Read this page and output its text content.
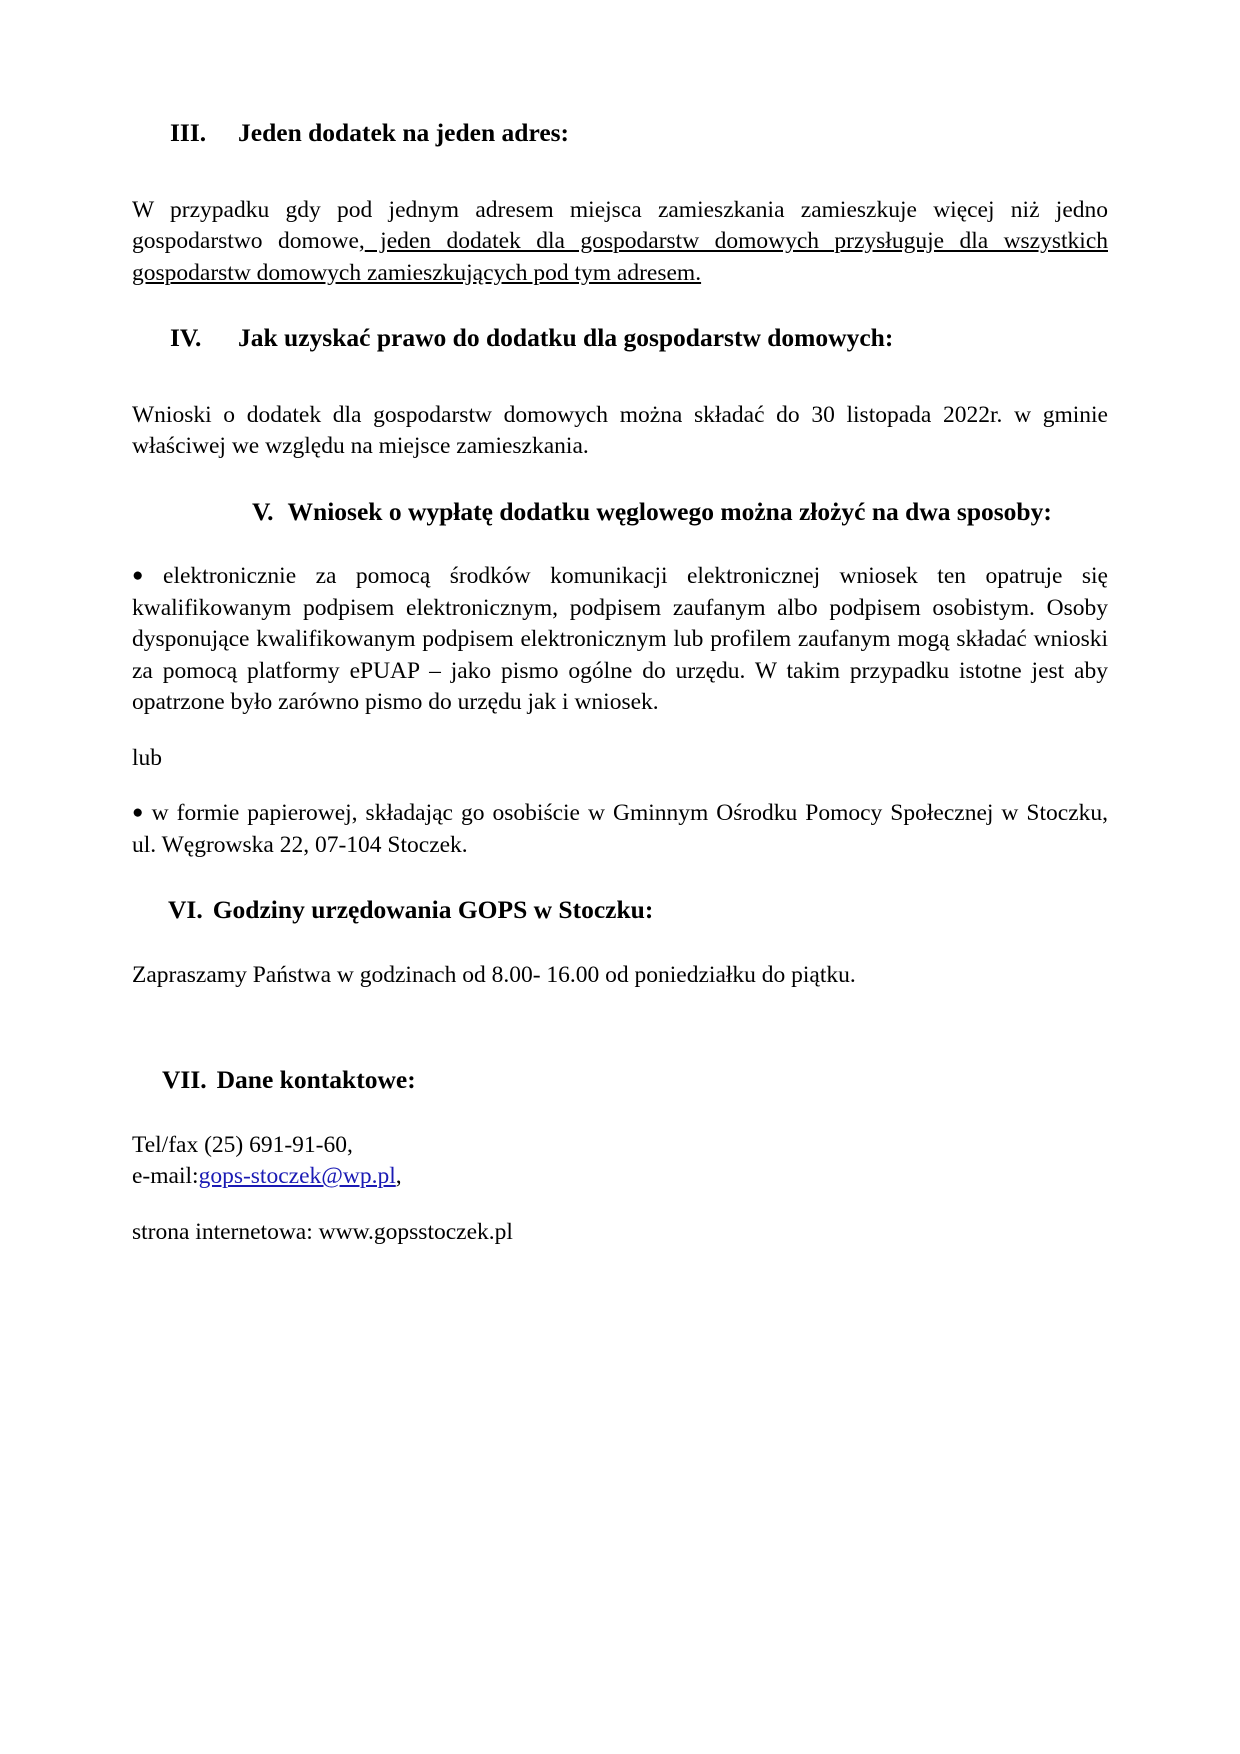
III. Jeden dodatek na jeden adres:

W przypadku gdy pod jednym adresem miejsca zamieszkania zamieszkuje więcej niż jedno gospodarstwo domowe, jeden dodatek dla gospodarstw domowych przysługuje dla wszystkich gospodarstw domowych zamieszkujących pod tym adresem.

IV. Jak uzyskać prawo do dodatku dla gospodarstw domowych:

Wnioski o dodatek dla gospodarstw domowych można składać do 30 listopada 2022r. w gminie właściwej we względu na miejsce zamieszkania.

V. Wniosek o wypłatę dodatku węglowego można złożyć na dwa sposoby:

● elektronicznie za pomocą środków komunikacji elektronicznej wniosek ten opatruje się kwalifikowanym podpisem elektronicznym, podpisem zaufanym albo podpisem osobistym. Osoby dysponujące kwalifikowanym podpisem elektronicznym lub profilem zaufanym mogą składać wnioski za pomocą platformy ePUAP – jako pismo ogólne do urzędu. W takim przypadku istotne jest aby opatrzone było zarówno pismo do urzędu jak i wniosek.

lub

● w formie papierowej, składając go osobiście w Gminnym Ośrodku Pomocy Społecznej w Stoczku, ul. Węgrowska 22, 07-104 Stoczek.

VI. Godziny urzędowania GOPS w Stoczku:

Zapraszamy Państwa w godzinach od 8.00- 16.00 od poniedziałku do piątku.

VII. Dane kontaktowe:

Tel/fax (25) 691-91-60,

e-mail:gops-stoczek@wp.pl,

strona internetowa: www.gopsstoczek.pl
